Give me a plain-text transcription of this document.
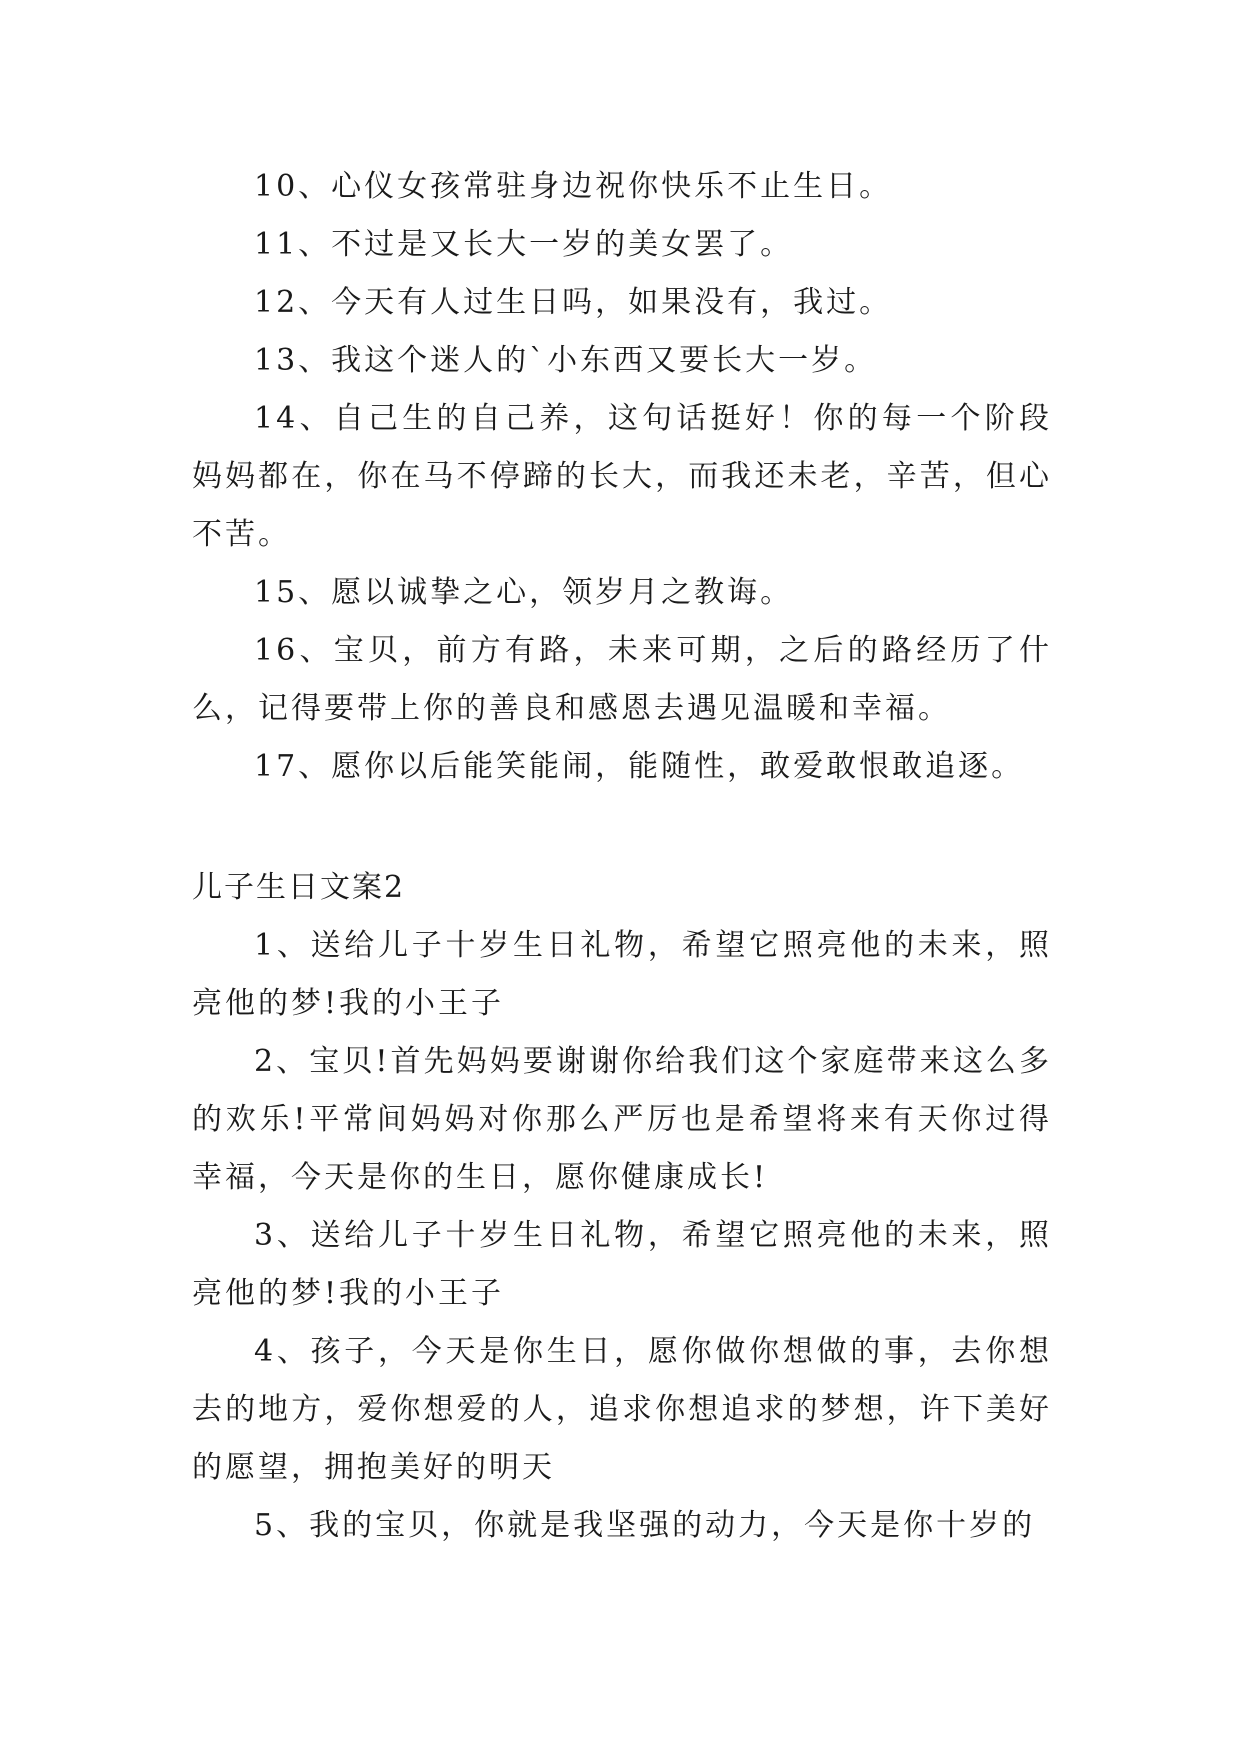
10、心仪女孩常驻身边祝你快乐不止生日。

11、不过是又长大一岁的美女罢了。

12、今天有人过生日吗，如果没有，我过。

13、我这个迷人的`小东西又要长大一岁。

14、自己生的自己养，这句话挺好！你的每一个阶段妈妈都在，你在马不停蹄的长大，而我还未老，辛苦，但心不苦。

15、愿以诚挚之心，领岁月之教诲。

16、宝贝，前方有路，未来可期，之后的路经历了什么，记得要带上你的善良和感恩去遇见温暖和幸福。

17、愿你以后能笑能闹，能随性，敢爱敢恨敢追逐。

儿子生日文案2

1、送给儿子十岁生日礼物，希望它照亮他的未来，照亮他的梦!我的小王子

2、宝贝!首先妈妈要谢谢你给我们这个家庭带来这么多的欢乐!平常间妈妈对你那么严厉也是希望将来有天你过得幸福，今天是你的生日，愿你健康成长!

3、送给儿子十岁生日礼物，希望它照亮他的未来，照亮他的梦!我的小王子

4、孩子，今天是你生日，愿你做你想做的事，去你想去的地方，爱你想爱的人，追求你想追求的梦想，许下美好的愿望，拥抱美好的明天

5、我的宝贝，你就是我坚强的动力，今天是你十岁的
